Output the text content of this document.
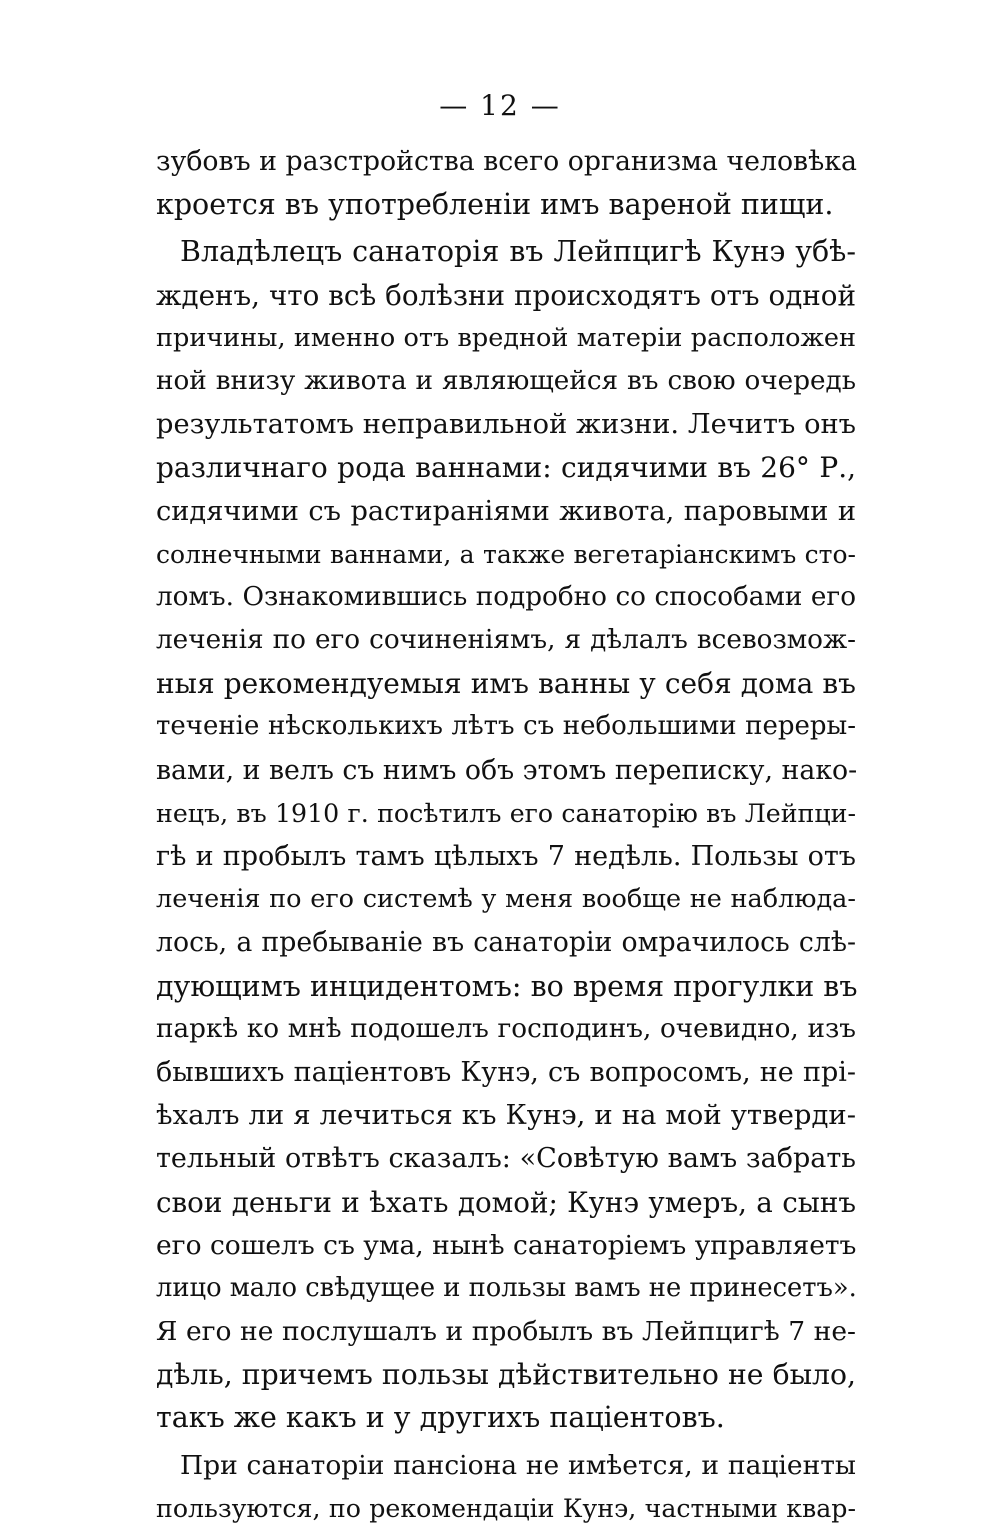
— 12 —
зубовъ и разстройства всего организма человѣка
кроется въ употребленiи имъ вареной пищи.
Владѣлецъ санаторія въ Лейпцигѣ Кунэ убѣ-
жденъ, что всѣ болѣзни происходятъ отъ одной
причины, именно отъ вредной матерiи расположен
ной внизу живота и являющейся въ свою очередь
результатомъ неправильной жизни. Лечитъ онъ
различнаго рода ваннами: сидячими въ 26° Р.,
сидячими съ растиранiями живота, паровыми и
солнечными ваннами, а также вегетарiанскимъ сто-
ломъ. Ознакомившись подробно со способами его
леченiя по его сочиненiямъ, я дѣлалъ всевозмож-
ныя рекомендуемыя имъ ванны у себя дома въ
теченiе нѣсколькихъ лѣтъ съ небольшими переры-
вами, и велъ съ нимъ объ этомъ переписку, нако-
нецъ, въ 1910 г. посѣтилъ его санаторiю въ Лейпци-
гѣ и пробылъ тамъ цѣлыхъ 7 недѣль. Пользы отъ
леченiя по его системѣ у меня вообще не наблюда-
лось, а пребыванiе въ санаторiи омрачилось слѣ-
дующимъ инцидентомъ: во время прогулки въ
паркѣ ко мнѣ подошелъ господинъ, очевидно, изъ
бывшихъ пацiентовъ Кунэ, съ вопросомъ, не прi-
ѣхалъ ли я лечиться къ Кунэ, и на мой утверди-
тельный отвѣтъ сказалъ: «Совѣтую вамъ забрать
свои деньги и ѣхать домой; Кунэ умеръ, а сынъ
его сошелъ съ ума, нынѣ санаторiемъ управляетъ
лицо мало свѣдущее и пользы вамъ не принесетъ».
Я его не послушалъ и пробылъ въ Лейпцигѣ 7 не-
дѣль, причемъ пользы дѣйствительно не было,
такъ же какъ и у другихъ пацiентовъ.
При санаторiи пансiона не имѣется, и пацiенты
пользуются, по рекомендацiи Кунэ, частными квар-
